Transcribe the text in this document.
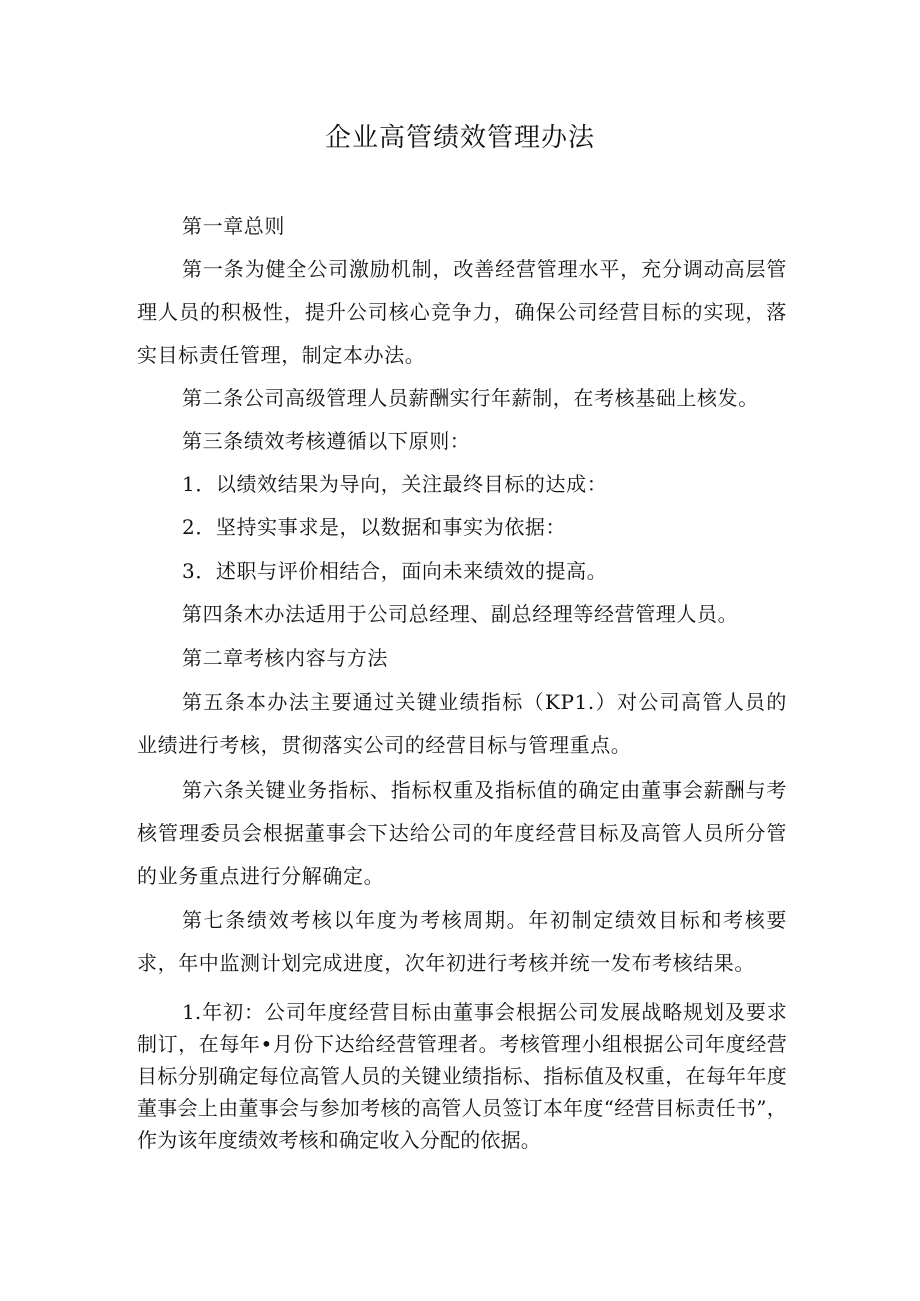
企业高管绩效管理办法

第一章总则

第一条为健全公司激励机制，改善经营管理水平，充分调动高层管理人员的积极性，提升公司核心竞争力，确保公司经营目标的实现，落实目标责任管理，制定本办法。

第二条公司高级管理人员薪酬实行年薪制，在考核基础上核发。

第三条绩效考核遵循以下原则：

1．以绩效结果为导向，关注最终目标的达成：

2．坚持实事求是，以数据和事实为依据：

3．述职与评价相结合，面向未来绩效的提高。

第四条木办法适用于公司总经理、副总经理等经营管理人员。

第二章考核内容与方法

第五条本办法主要通过关键业绩指标（KP1.）对公司高管人员的业绩进行考核，贯彻落实公司的经营目标与管理重点。

第六条关键业务指标、指标权重及指标值的确定由董事会薪酬与考核管理委员会根据董事会下达给公司的年度经营目标及高管人员所分管的业务重点进行分解确定。

第七条绩效考核以年度为考核周期。年初制定绩效目标和考核要求，年中监测计划完成进度，次年初进行考核并统一发布考核结果。

1.年初：公司年度经营目标由董事会根据公司发展战略规划及要求制订，在每年•月份下达给经营管理者。考核管理小组根据公司年度经营目标分别确定每位高管人员的关键业绩指标、指标值及权重，在每年年度董事会上由董事会与参加考核的高管人员签订本年度“经营目标责任书”，作为该年度绩效考核和确定收入分配的依据。
